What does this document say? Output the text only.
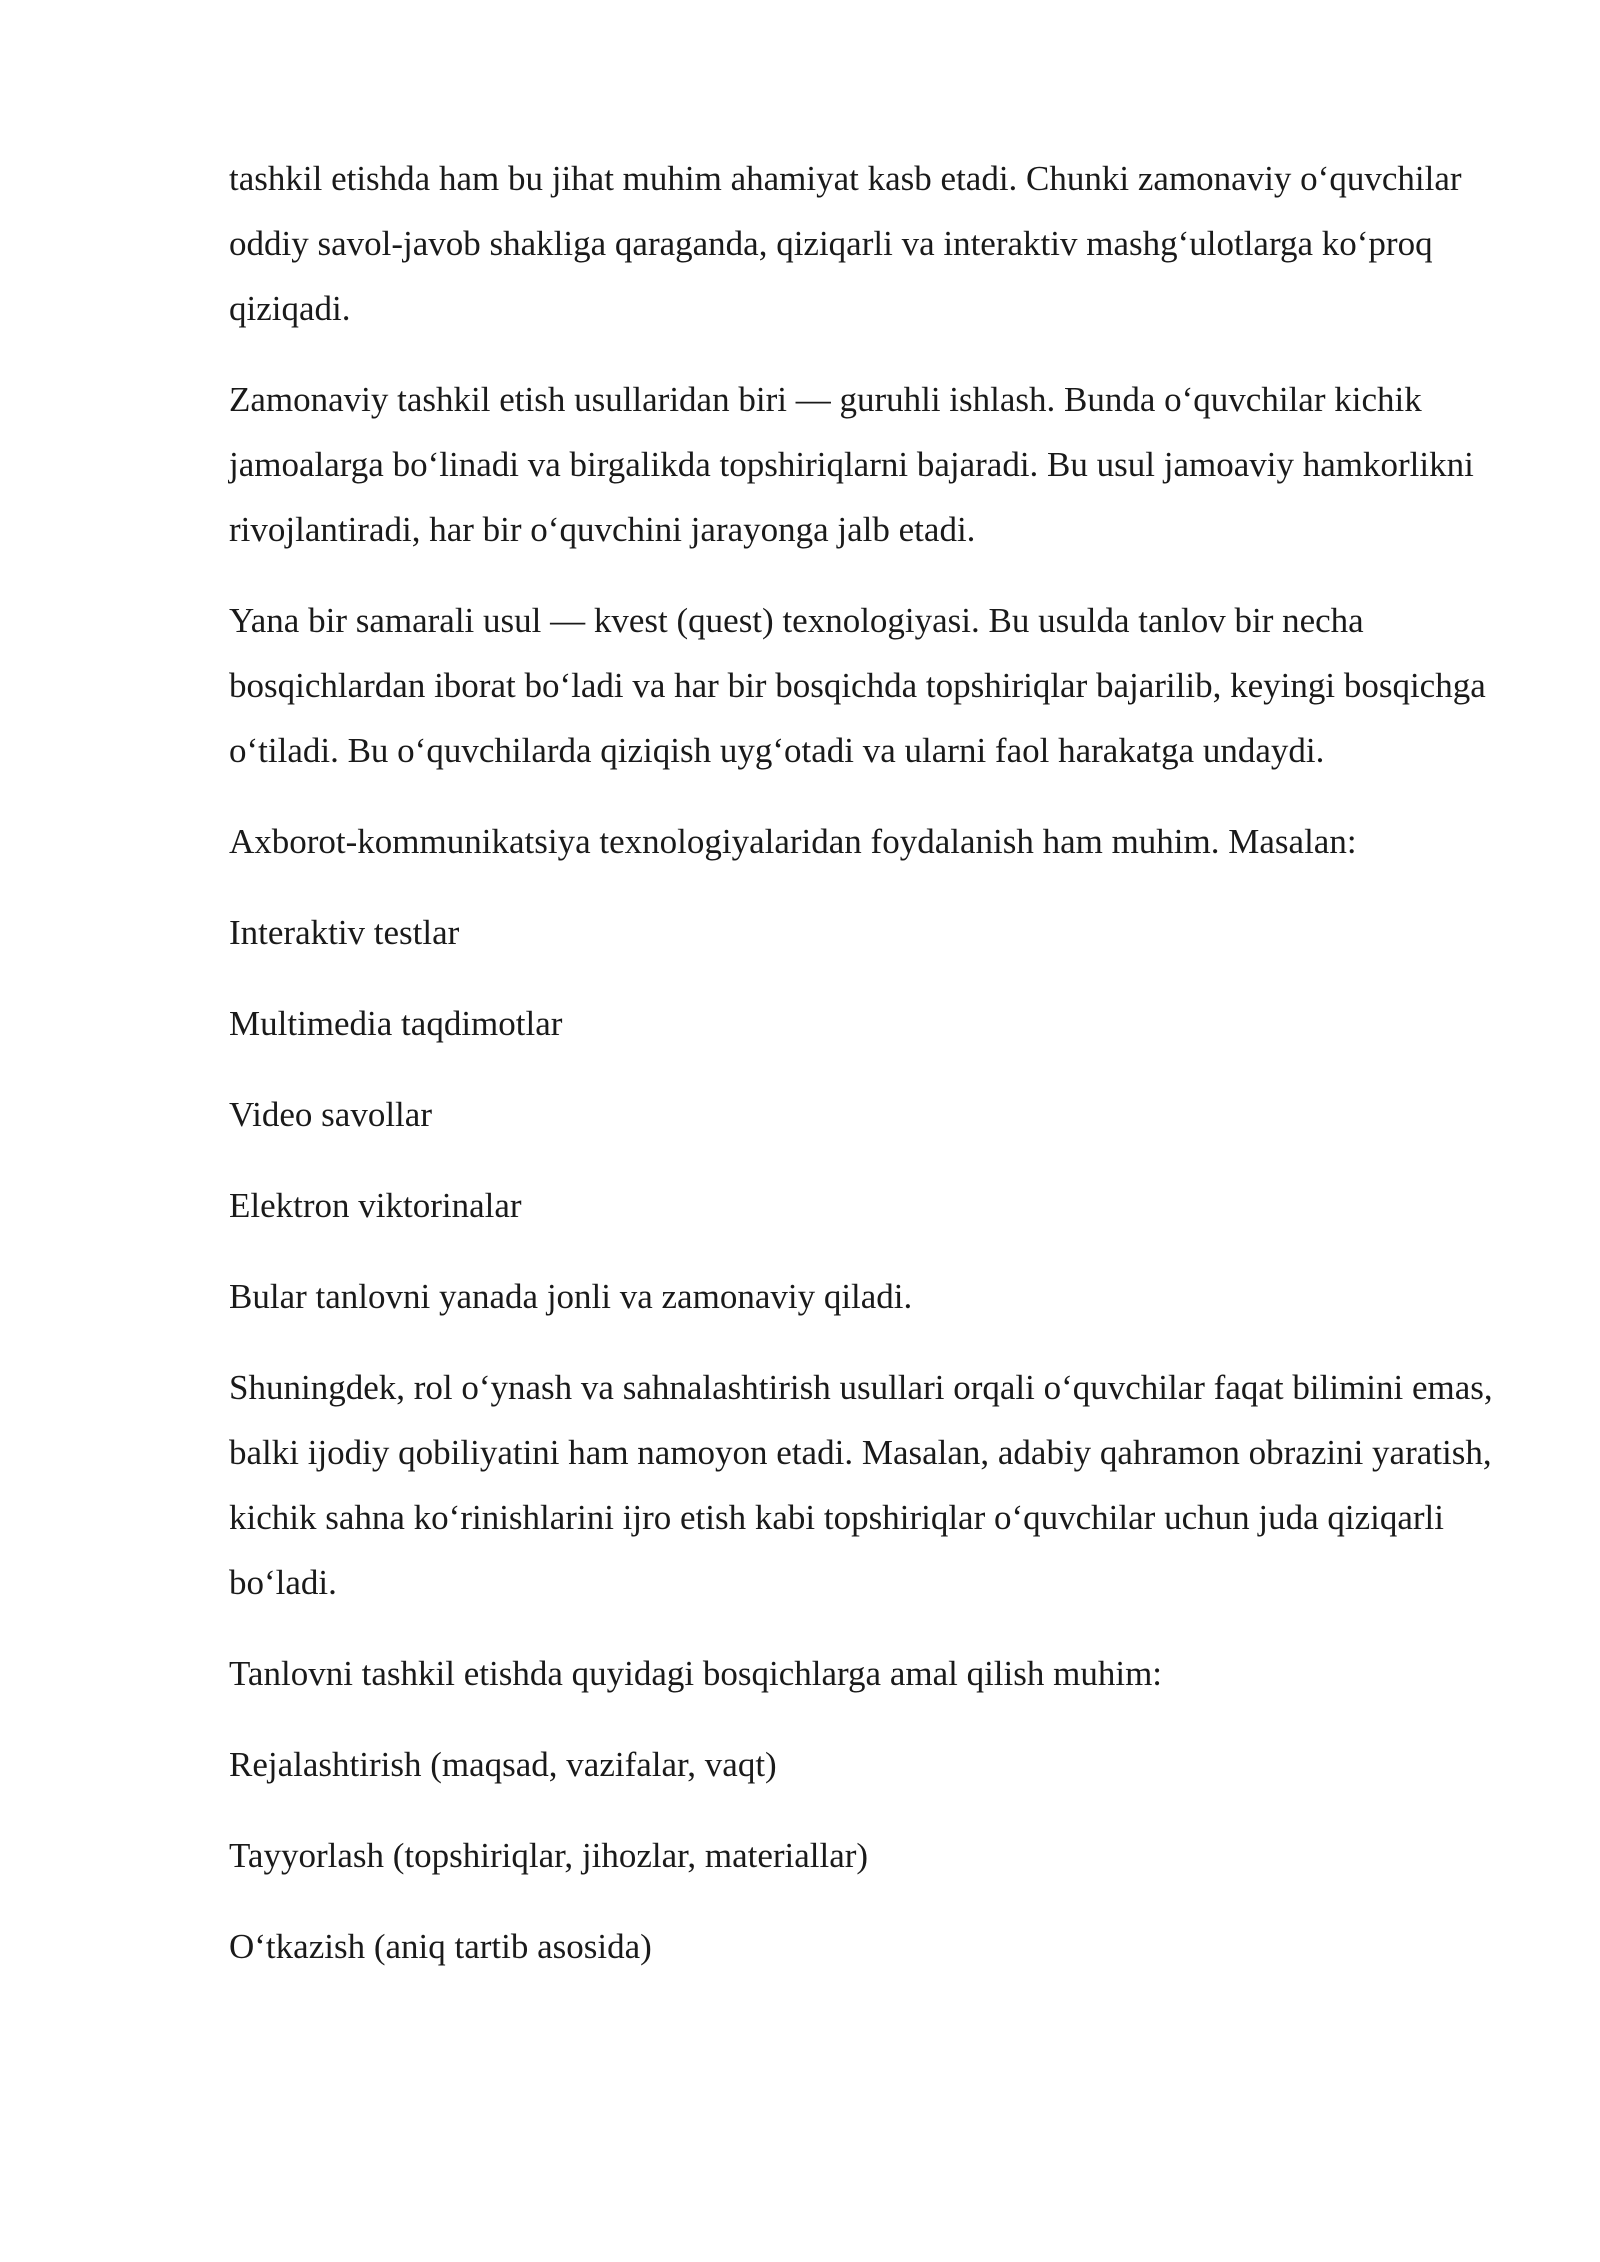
tashkil etishda ham bu jihat muhim ahamiyat kasb etadi. Chunki zamonaviy o‘quvchilar oddiy savol-javob shakliga qaraganda, qiziqarli va interaktiv mashg‘ulotlarga ko‘proq qiziqadi.

Zamonaviy tashkil etish usullaridan biri — guruhli ishlash. Bunda o‘quvchilar kichik jamoalarga bo‘linadi va birgalikda topshiriqlarni bajaradi. Bu usul jamoaviy hamkorlikni rivojlantiradi, har bir o‘quvchini jarayonga jalb etadi.

Yana bir samarali usul — kvest (quest) texnologiyasi. Bu usulda tanlov bir necha bosqichlardan iborat bo‘ladi va har bir bosqichda topshiriqlar bajarilib, keyingi bosqichga o‘tiladi. Bu o‘quvchilarda qiziqish uyg‘otadi va ularni faol harakatga undaydi.

Axborot-kommunikatsiya texnologiyalaridan foydalanish ham muhim. Masalan:

Interaktiv testlar

Multimedia taqdimotlar

Video savollar

Elektron viktorinalar

Bular tanlovni yanada jonli va zamonaviy qiladi.

Shuningdek, rol o‘ynash va sahnalashtirish usullari orqali o‘quvchilar faqat bilimini emas, balki ijodiy qobiliyatini ham namoyon etadi. Masalan, adabiy qahramon obrazini yaratish, kichik sahna ko‘rinishlarini ijro etish kabi topshiriqlar o‘quvchilar uchun juda qiziqarli bo‘ladi.

Tanlovni tashkil etishda quyidagi bosqichlarga amal qilish muhim:

Rejalashtirish (maqsad, vazifalar, vaqt)

Tayyorlash (topshiriqlar, jihozlar, materiallar)

O‘tkazish (aniq tartib asosida)
